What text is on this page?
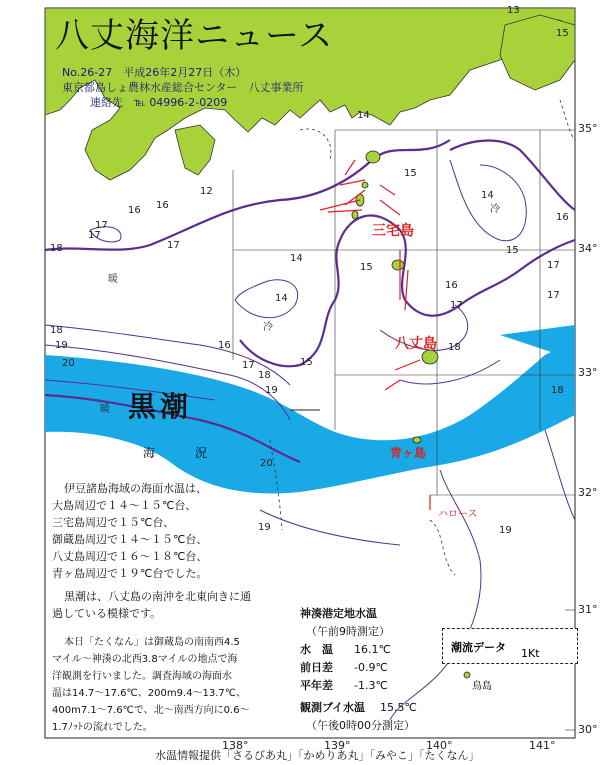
八丈海洋ニュース
No.26-27　平成26年2月27日（木）
東京都島しょ農林水産総合センター　八丈事業所
連絡先　℡ 04996-2-0209
三宅島
八丈島
青ヶ島
ハロース
鳥島
黒潮
暖
暖
冷
冷
35°
34°
33°
32°
31°
30°
138°	139°	140°	141°
15
15
15
14
16
17
17
17
16
14
16
17
17
18
18
18
18
19
19
20
20
19	19
12
14
13
15
15
14
16 16
17
18
17
海　況
伊豆諸島海域の海面水温は、
大島周辺で１４～１５℃台、
三宅島周辺で１５℃台、
御蔵島周辺で１４～１５℃台、
八丈島周辺で１６～１８℃台、
青ヶ島周辺で１９℃台でした。
黒潮は、八丈島の南沖を北東向きに通
過している模様です。
本日「たくなん」は御蔵島の南南西4.5
マイル～神湊の北西3.8マイルの地点で海
洋観測を行いました。調査海域の海面水
温は14.7～17.6℃、200m9.4～13.7℃、
400m7.1～7.6℃で、北～南西方向に0.6～
1.7ﾉｯﾄの流れでした。
神湊港定地水温
（午前9時測定）
水　温 16.1℃
前日差 -0.9℃
平年差 -1.3℃
観測ブイ水温 15.5℃
（午後0時00分測定）
潮流データ 1Kt
水温情報提供「さるびあ丸」「かめりあ丸」「みやこ」「たくなん」
